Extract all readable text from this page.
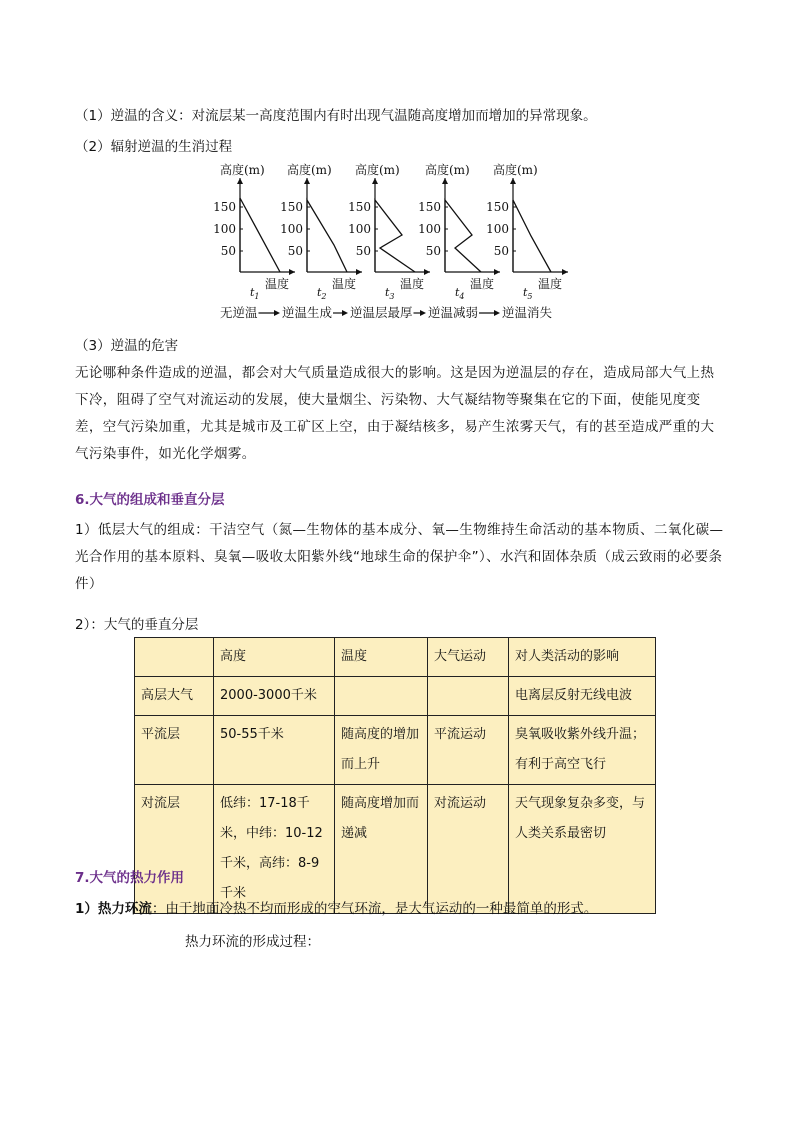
（1）逆温的含义：对流层某一高度范围内有时出现气温随高度增加而增加的异常现象。
（2）辐射逆温的生消过程
高度(m)
150
100
50
温度
$t_1$
高度(m)
150
100
50
温度
$t_2$
高度(m)
150
100
50
温度
$t_3$
高度(m)
150
100
50
温度
$t_4$
高度(m)
150
100
50
温度
$t_5$
无逆温 逆温生成 逆温层最厚 逆温减弱 逆温消失
（3）逆温的危害
无论哪种条件造成的逆温，都会对大气质量造成很大的影响。这是因为逆温层的存在，造成局部大气上热下冷，阻碍了空气对流运动的发展，使大量烟尘、污染物、大气凝结物等聚集在它的下面，使能见度变差，空气污染加重，尤其是城市及工矿区上空，由于凝结核多，易产生浓雾天气，有的甚至造成严重的大气污染事件，如光化学烟雾。
6.大气的组成和垂直分层
1）低层大气的组成：干洁空气（氮—生物体的基本成分、氧—生物维持生命活动的基本物质、二氧化碳—光合作用的基本原料、臭氧—吸收太阳紫外线“地球生命的保护伞”）、水汽和固体杂质（成云致雨的必要条件）
2）：大气的垂直分层
	高度	温度	大气运动	对人类活动的影响
高层大气	2000-3000千米			电离层反射无线电波
平流层	50-55千米	随高度的增加而上升	平流运动	臭氧吸收紫外线升温；有利于高空飞行
对流层	低纬：17-18千米，中纬：10-12千米，高纬：8-9千米	随高度增加而递减	对流运动	天气现象复杂多变，与人类关系最密切
7.大气的热力作用
1）热力环流：由于地面冷热不均而形成的空气环流，是大气运动的一种最简单的形式。
热力环流的形成过程：
